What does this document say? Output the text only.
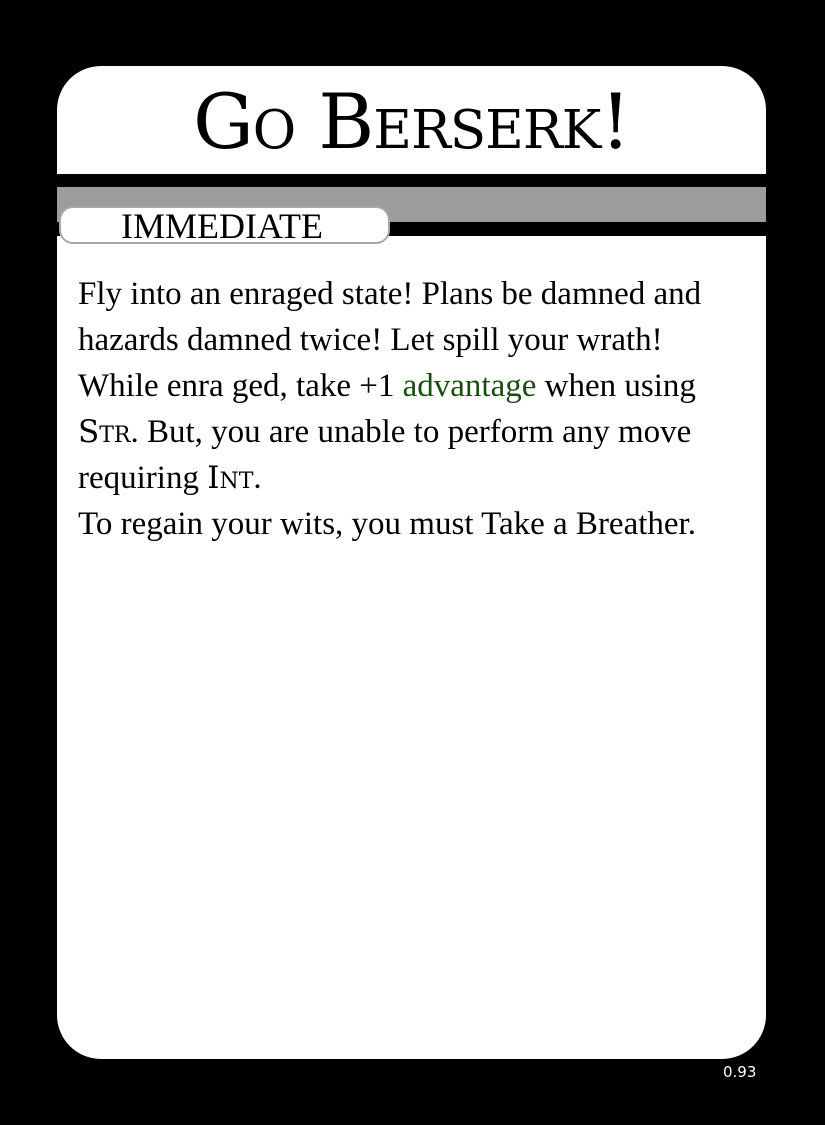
Go Berserk!
IMMEDIATE

Fly into an enraged state! Plans be damned and hazards damned twice! Let spill your wrath!

While enra ged, take +1 advantage when using Str. But, you are unable to perform any move requiring Int.

To regain your wits, you must Take a Breather.

0.93
